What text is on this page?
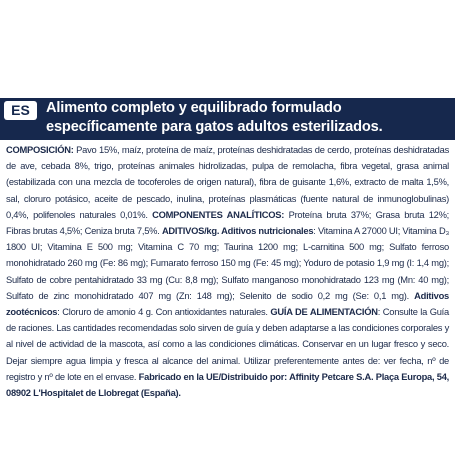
ES	Alimento completo y equilibrado formulado específicamente para gatos adultos esterilizados.

COMPOSICIÓN: Pavo 15%, maíz, proteína de maíz, proteínas deshidratadas de cerdo, proteínas deshidratadas de ave, cebada 8%, trigo, proteínas animales hidrolizadas, pulpa de remolacha, fibra vegetal, grasa animal (estabilizada con una mezcla de tocoferoles de origen natural), fibra de guisante 1,6%, extracto de malta 1,5%, sal, cloruro potásico, aceite de pescado, inulina, proteínas plasmáticas (fuente natural de inmunoglobulinas) 0,4%, polifenoles naturales 0,01%. COMPONENTES ANALÍTICOS: Proteína bruta 37%; Grasa bruta 12%; Fibras brutas 4,5%; Ceniza bruta 7,5%. ADITIVOS/kg. Aditivos nutricionales: Vitamina A 27000 UI; Vitamina D₃ 1800 UI; Vitamina E 500 mg; Vitamina C 70 mg; Taurina 1200 mg; L-carnitina 500 mg; Sulfato ferroso monohidratado 260 mg (Fe: 86 mg); Fumarato ferroso 150 mg (Fe: 45 mg); Yoduro de potasio 1,9 mg (I: 1,4 mg); Sulfato de cobre pentahidratado 33 mg (Cu: 8,8 mg); Sulfato manganoso monohidratado 123 mg (Mn: 40 mg); Sulfato de zinc monohidratado 407 mg (Zn: 148 mg); Selenito de sodio 0,2 mg (Se: 0,1 mg). Aditivos zootécnicos: Cloruro de amonio 4 g. Con antioxidantes naturales. GUÍA DE ALIMENTACIÓN: Consulte la Guía de raciones. Las cantidades recomendadas solo sirven de guía y deben adaptarse a las condiciones corporales y al nivel de actividad de la mascota, así como a las condiciones climáticas. Conservar en un lugar fresco y seco. Dejar siempre agua limpia y fresca al alcance del animal. Utilizar preferentemente antes de: ver fecha, nº de registro y nº de lote en el envase. Fabricado en la UE/Distribuido por: Affinity Petcare S.A. Plaça Europa, 54, 08902 L'Hospitalet de Llobregat (España).
